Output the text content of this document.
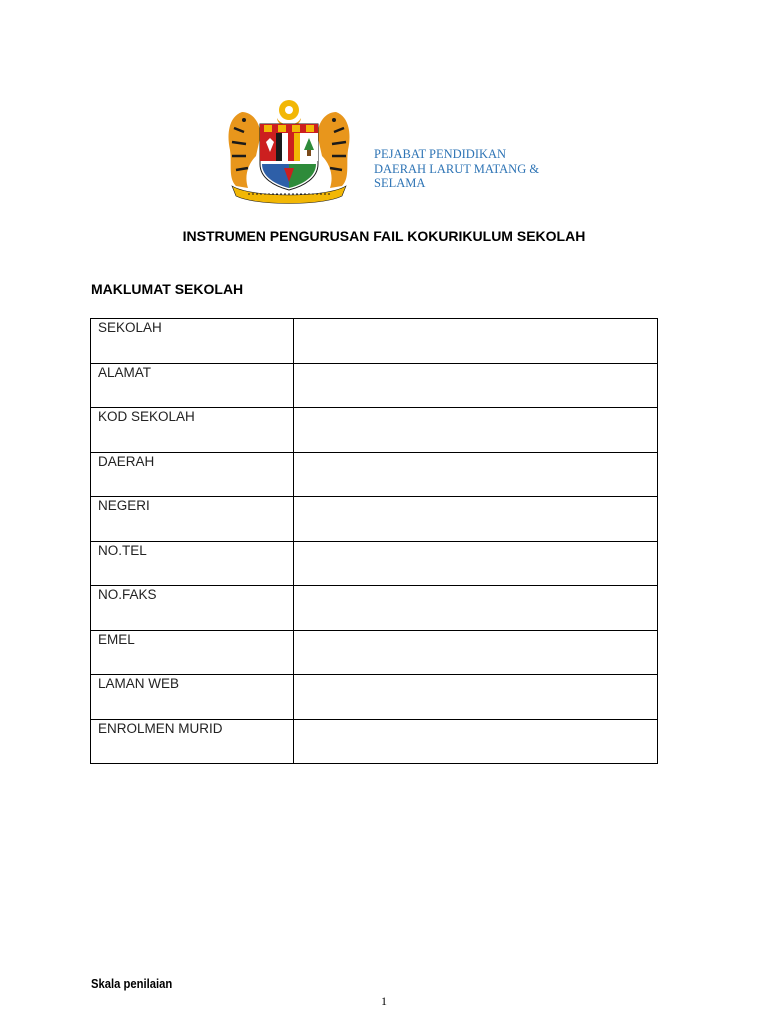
PEJABAT PENDIDIKAN
DAERAH LARUT MATANG &
SELAMA

INSTRUMEN PENGURUSAN FAIL KOKURIKULUM SEKOLAH

MAKLUMAT SEKOLAH

SEKOLAH	

ALAMAT	

KOD SEKOLAH	

DAERAH	

NEGERI	

NO.TEL	

NO.FAKS	

EMEL	

LAMAN WEB	

ENROLMEN MURID	

Skala penilaian

1
